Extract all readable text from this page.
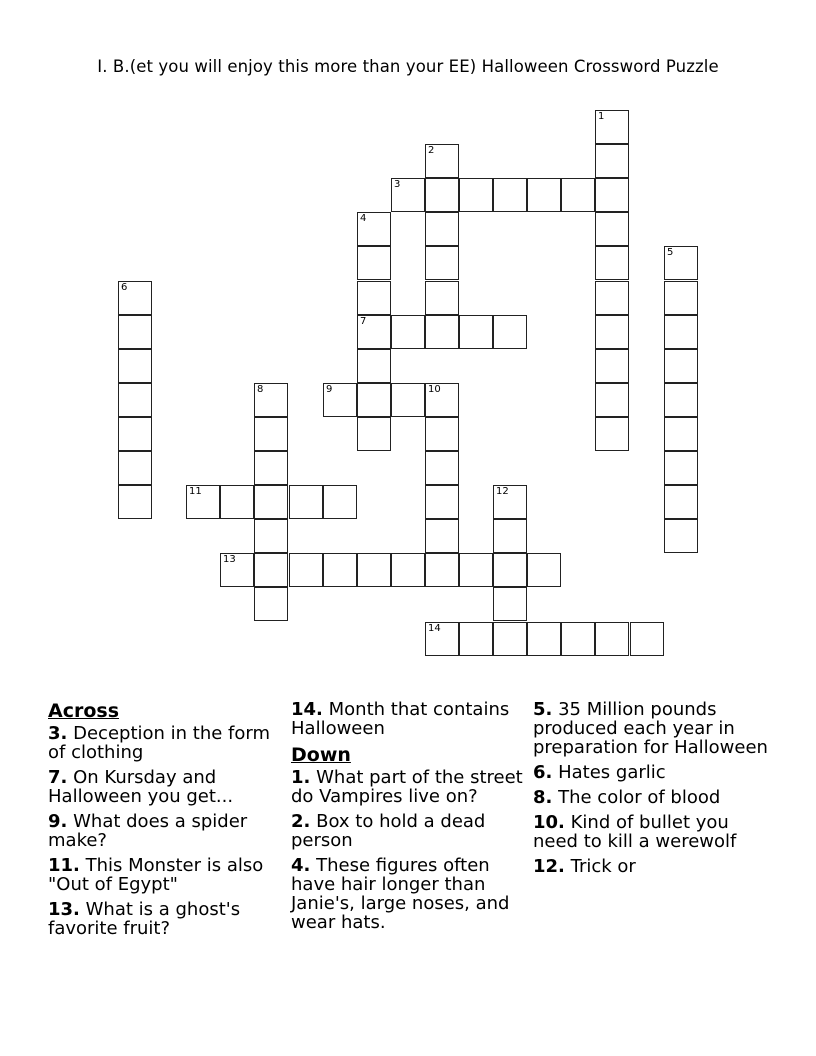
I. B.(et you will enjoy this more than your EE) Halloween Crossword Puzzle
1
2
3
4
7
5
6
8	9	10
11	12
13
14
Across
3. Deception in the form of clothing
7. On Kursday and Halloween you get...
9. What does a spider make?
11. This Monster is also "Out of Egypt"
13. What is a ghost's favorite fruit?
14. Month that contains Halloween
Down
1. What part of the street do Vampires live on?
2. Box to hold a dead person
4. These figures often have hair longer than Janie's, large noses, and wear hats.
5. 35 Million pounds produced each year in preparation for Halloween
6. Hates garlic
8. The color of blood
10. Kind of bullet you need to kill a werewolf
12. Trick or
